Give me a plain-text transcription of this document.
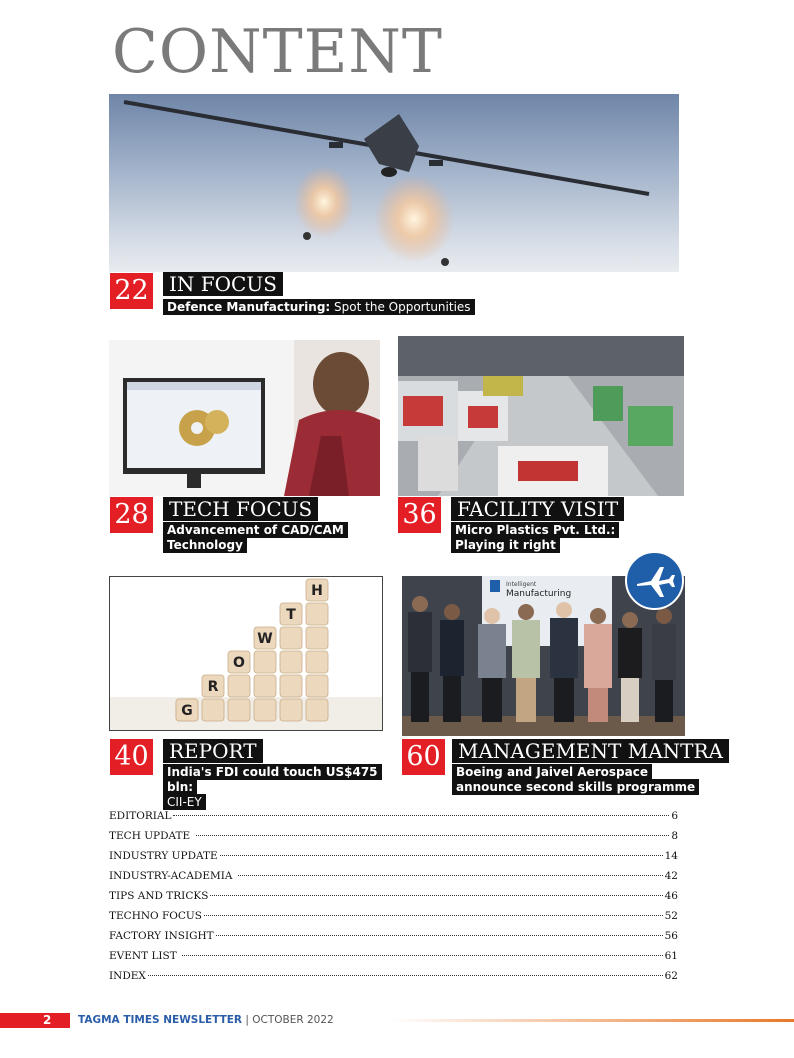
CONTENT
22	IN FOCUS
Defence Manufacturing: Spot the Opportunities
28	TECH FOCUS
Advancement of CAD/CAM
Technology
36	FACILITY VISIT
Micro Plastics Pvt. Ltd.:
Playing it right
G
R
O
W
T
H
40	REPORT
India's FDI could touch US$475 bln:
CII-EY
Intelligent
Manufacturing
60 MANAGEMENT MANTRA
Boeing and Jaivel Aerospace
announce second skills programme
EDITORIAL	6
TECH UPDATE	8
INDUSTRY UPDATE	14
INDUSTRY-ACADEMIA	42
TIPS AND TRICKS	46
TECHNO FOCUS	52
FACTORY INSIGHT	56
EVENT LIST	61
INDEX	62
2	TAGMA TIMES NEWSLETTER | OCTOBER 2022
